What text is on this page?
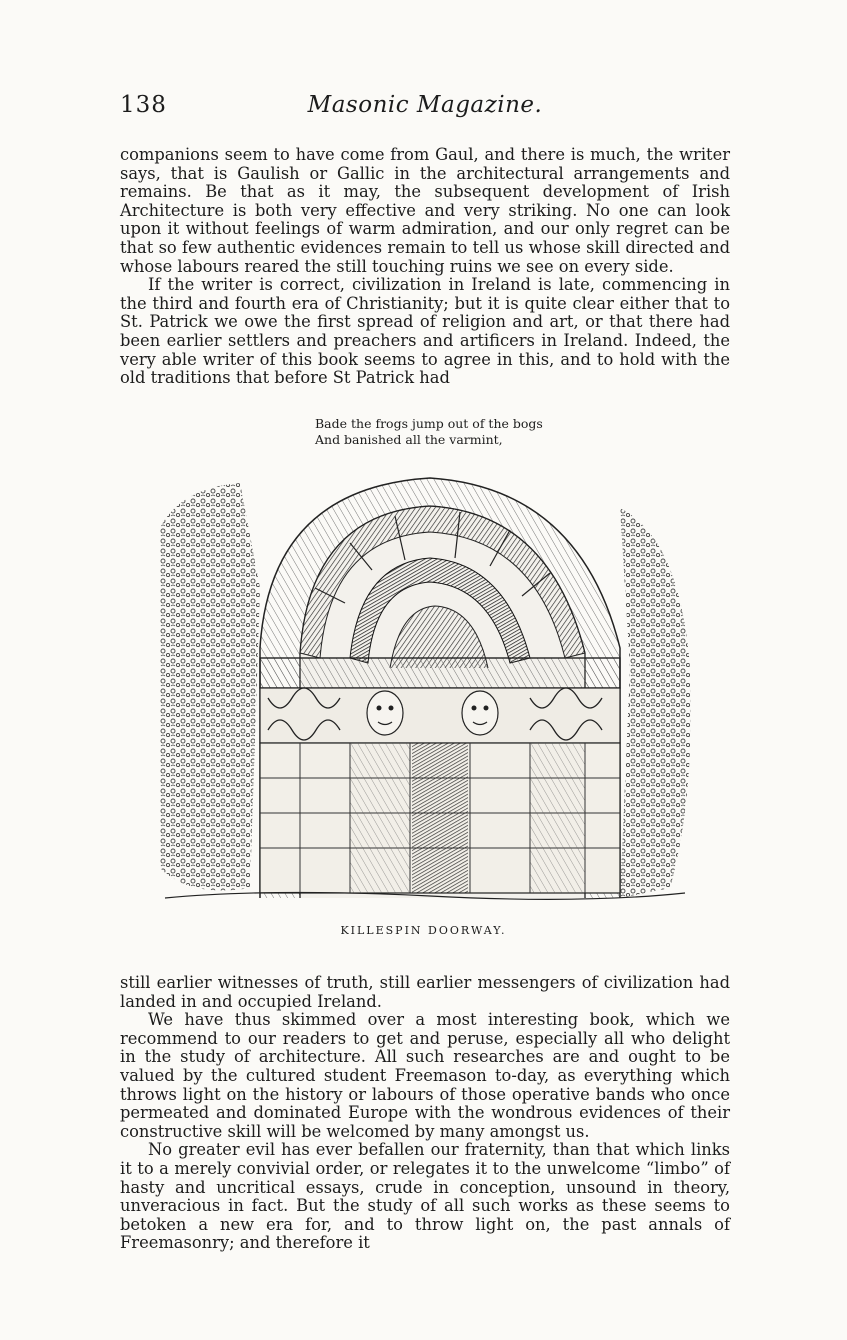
138	Masonic Magazine.

companions seem to have come from Gaul, and there is much, the writer says, that is Gaulish or Gallic in the architectural arrangements and remains. Be that as it may, the subsequent development of Irish Architecture is both very effective and very striking. No one can look upon it without feelings of warm admiration, and our only regret can be that so few authentic evidences remain to tell us whose skill directed and whose labours reared the still touching ruins we see on every side.

If the writer is correct, civilization in Ireland is late, commencing in the third and fourth era of Christianity; but it is quite clear either that to St. Patrick we owe the first spread of religion and art, or that there had been earlier settlers and preachers and artificers in Ireland. Indeed, the very able writer of this book seems to agree in this, and to hold with the old traditions that before St Patrick had

Bade the frogs jump out of the bogs
And banished all the varmint,
KILLESPIN DOORWAY.

still earlier witnesses of truth, still earlier messengers of civilization had landed in and occupied Ireland.

We have thus skimmed over a most interesting book, which we recommend to our readers to get and peruse, especially all who delight in the study of architecture. All such researches are and ought to be valued by the cultured student Freemason to-day, as everything which throws light on the history or labours of those operative bands who once permeated and dominated Europe with the wondrous evidences of their constructive skill will be welcomed by many amongst us.

No greater evil has ever befallen our fraternity, than that which links it to a merely convivial order, or relegates it to the unwelcome “limbo” of hasty and uncritical essays, crude in conception, unsound in theory, unveracious in fact. But the study of all such works as these seems to betoken a new era for, and to throw light on, the past annals of Freemasonry; and therefore it
